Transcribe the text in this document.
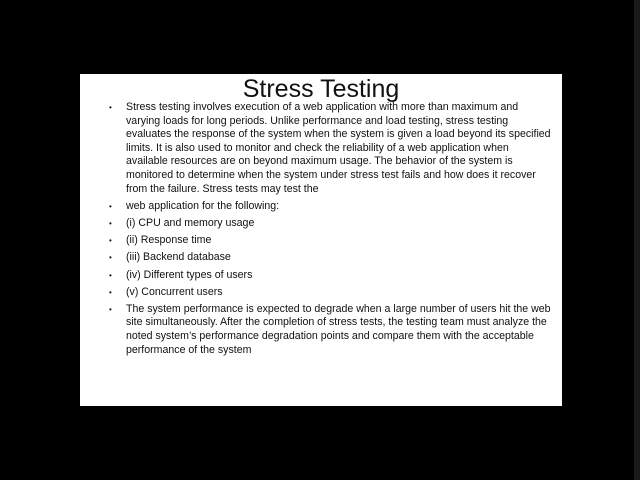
Stress Testing
• Stress testing involves execution of a web application with more than maximum and varying loads for long periods. Unlike performance and load testing, stress testing evaluates the response of the system when the system is given a load beyond its specified limits. It is also used to monitor and check the reliability of a web application when available resources are on beyond maximum usage. The behavior of the system is monitored to determine when the system under stress test fails and how does it recover from the failure. Stress tests may test the
• web application for the following:
• (i) CPU and memory usage
• (ii) Response time
• (iii) Backend database
• (iv) Different types of users
• (v) Concurrent users
• The system performance is expected to degrade when a large number of users hit the web site simultaneously. After the completion of stress tests, the testing team must analyze the noted system’s performance degradation points and compare them with the acceptable performance of the system
